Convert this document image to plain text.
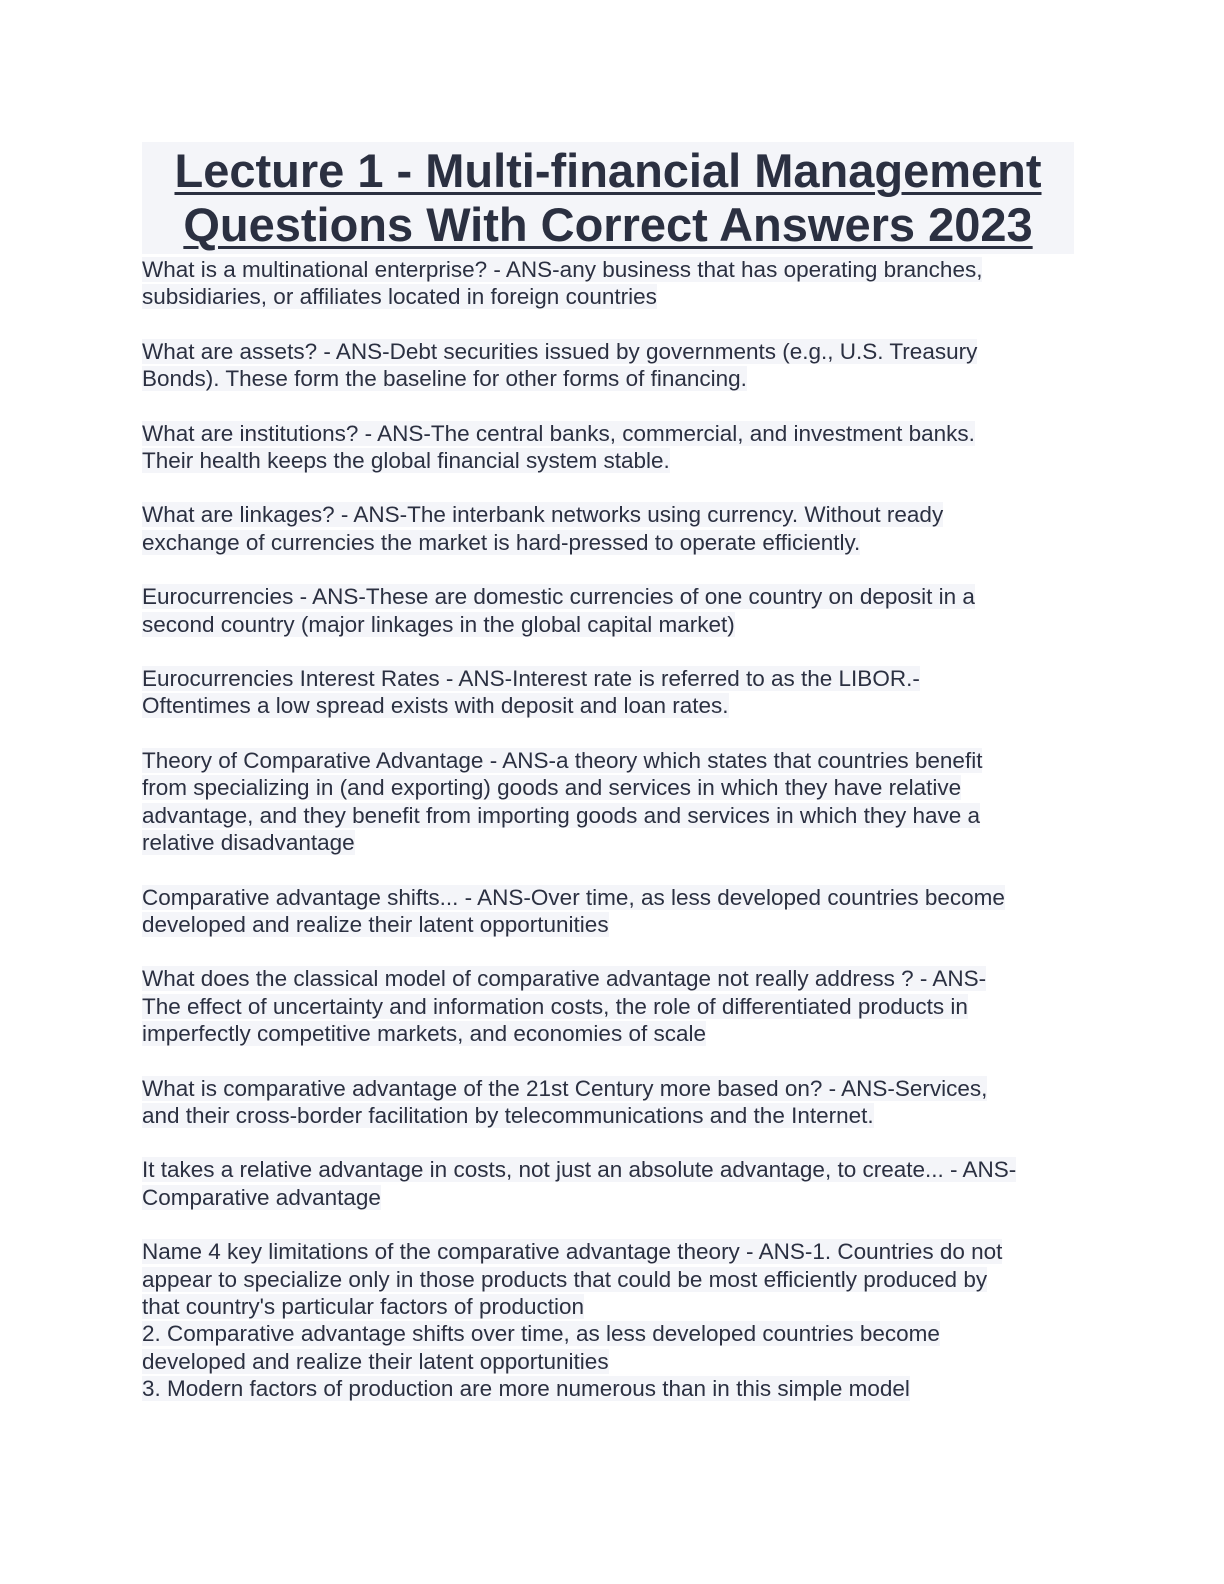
Lecture 1 - Multi-financial Management
Questions With Correct Answers 2023
What is a multinational enterprise? - ANS-any business that has operating branches,
subsidiaries, or affiliates located in foreign countries
What are assets? - ANS-Debt securities issued by governments (e.g., U.S. Treasury
Bonds). These form the baseline for other forms of financing.
What are institutions? - ANS-The central banks, commercial, and investment banks.
Their health keeps the global financial system stable.
What are linkages? - ANS-The interbank networks using currency. Without ready
exchange of currencies the market is hard-pressed to operate efficiently.
Eurocurrencies - ANS-These are domestic currencies of one country on deposit in a
second country (major linkages in the global capital market)
Eurocurrencies Interest Rates - ANS-Interest rate is referred to as the LIBOR.-
Oftentimes a low spread exists with deposit and loan rates.
Theory of Comparative Advantage - ANS-a theory which states that countries benefit
from specializing in (and exporting) goods and services in which they have relative
advantage, and they benefit from importing goods and services in which they have a
relative disadvantage
Comparative advantage shifts... - ANS-Over time, as less developed countries become
developed and realize their latent opportunities
What does the classical model of comparative advantage not really address ? - ANS-
The effect of uncertainty and information costs, the role of differentiated products in
imperfectly competitive markets, and economies of scale
What is comparative advantage of the 21st Century more based on? - ANS-Services,
and their cross-border facilitation by telecommunications and the Internet.
It takes a relative advantage in costs, not just an absolute advantage, to create... - ANS-
Comparative advantage
Name 4 key limitations of the comparative advantage theory - ANS-1. Countries do not
appear to specialize only in those products that could be most efficiently produced by
that country's particular factors of production
2. Comparative advantage shifts over time, as less developed countries become
developed and realize their latent opportunities
3. Modern factors of production are more numerous than in this simple model
